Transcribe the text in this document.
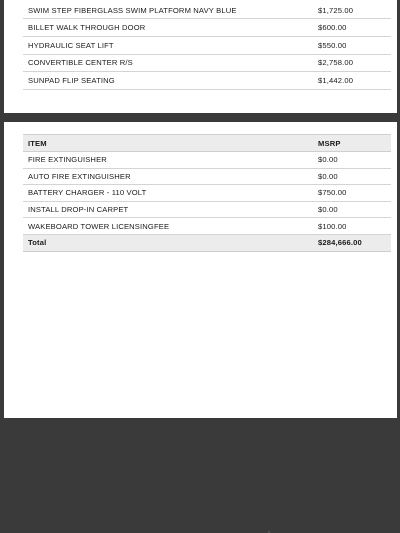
SWIM STEP FIBERGLASS SWIM PLATFORM NAVY BLUE	$1,725.00
BILLET WALK THROUGH DOOR	$600.00
HYDRAULIC SEAT LIFT	$550.00
CONVERTIBLE CENTER R/S	$2,758.00
SUNPAD FLIP SEATING	$1,442.00
ITEM	MSRP
FIRE EXTINGUISHER	$0.00
AUTO FIRE EXTINGUISHER	$0.00
BATTERY CHARGER - 110 VOLT	$750.00
INSTALL DROP-IN CARPET	$0.00
WAKEBOARD TOWER LICENSINGFEE	$100.00
Total	$284,666.00
